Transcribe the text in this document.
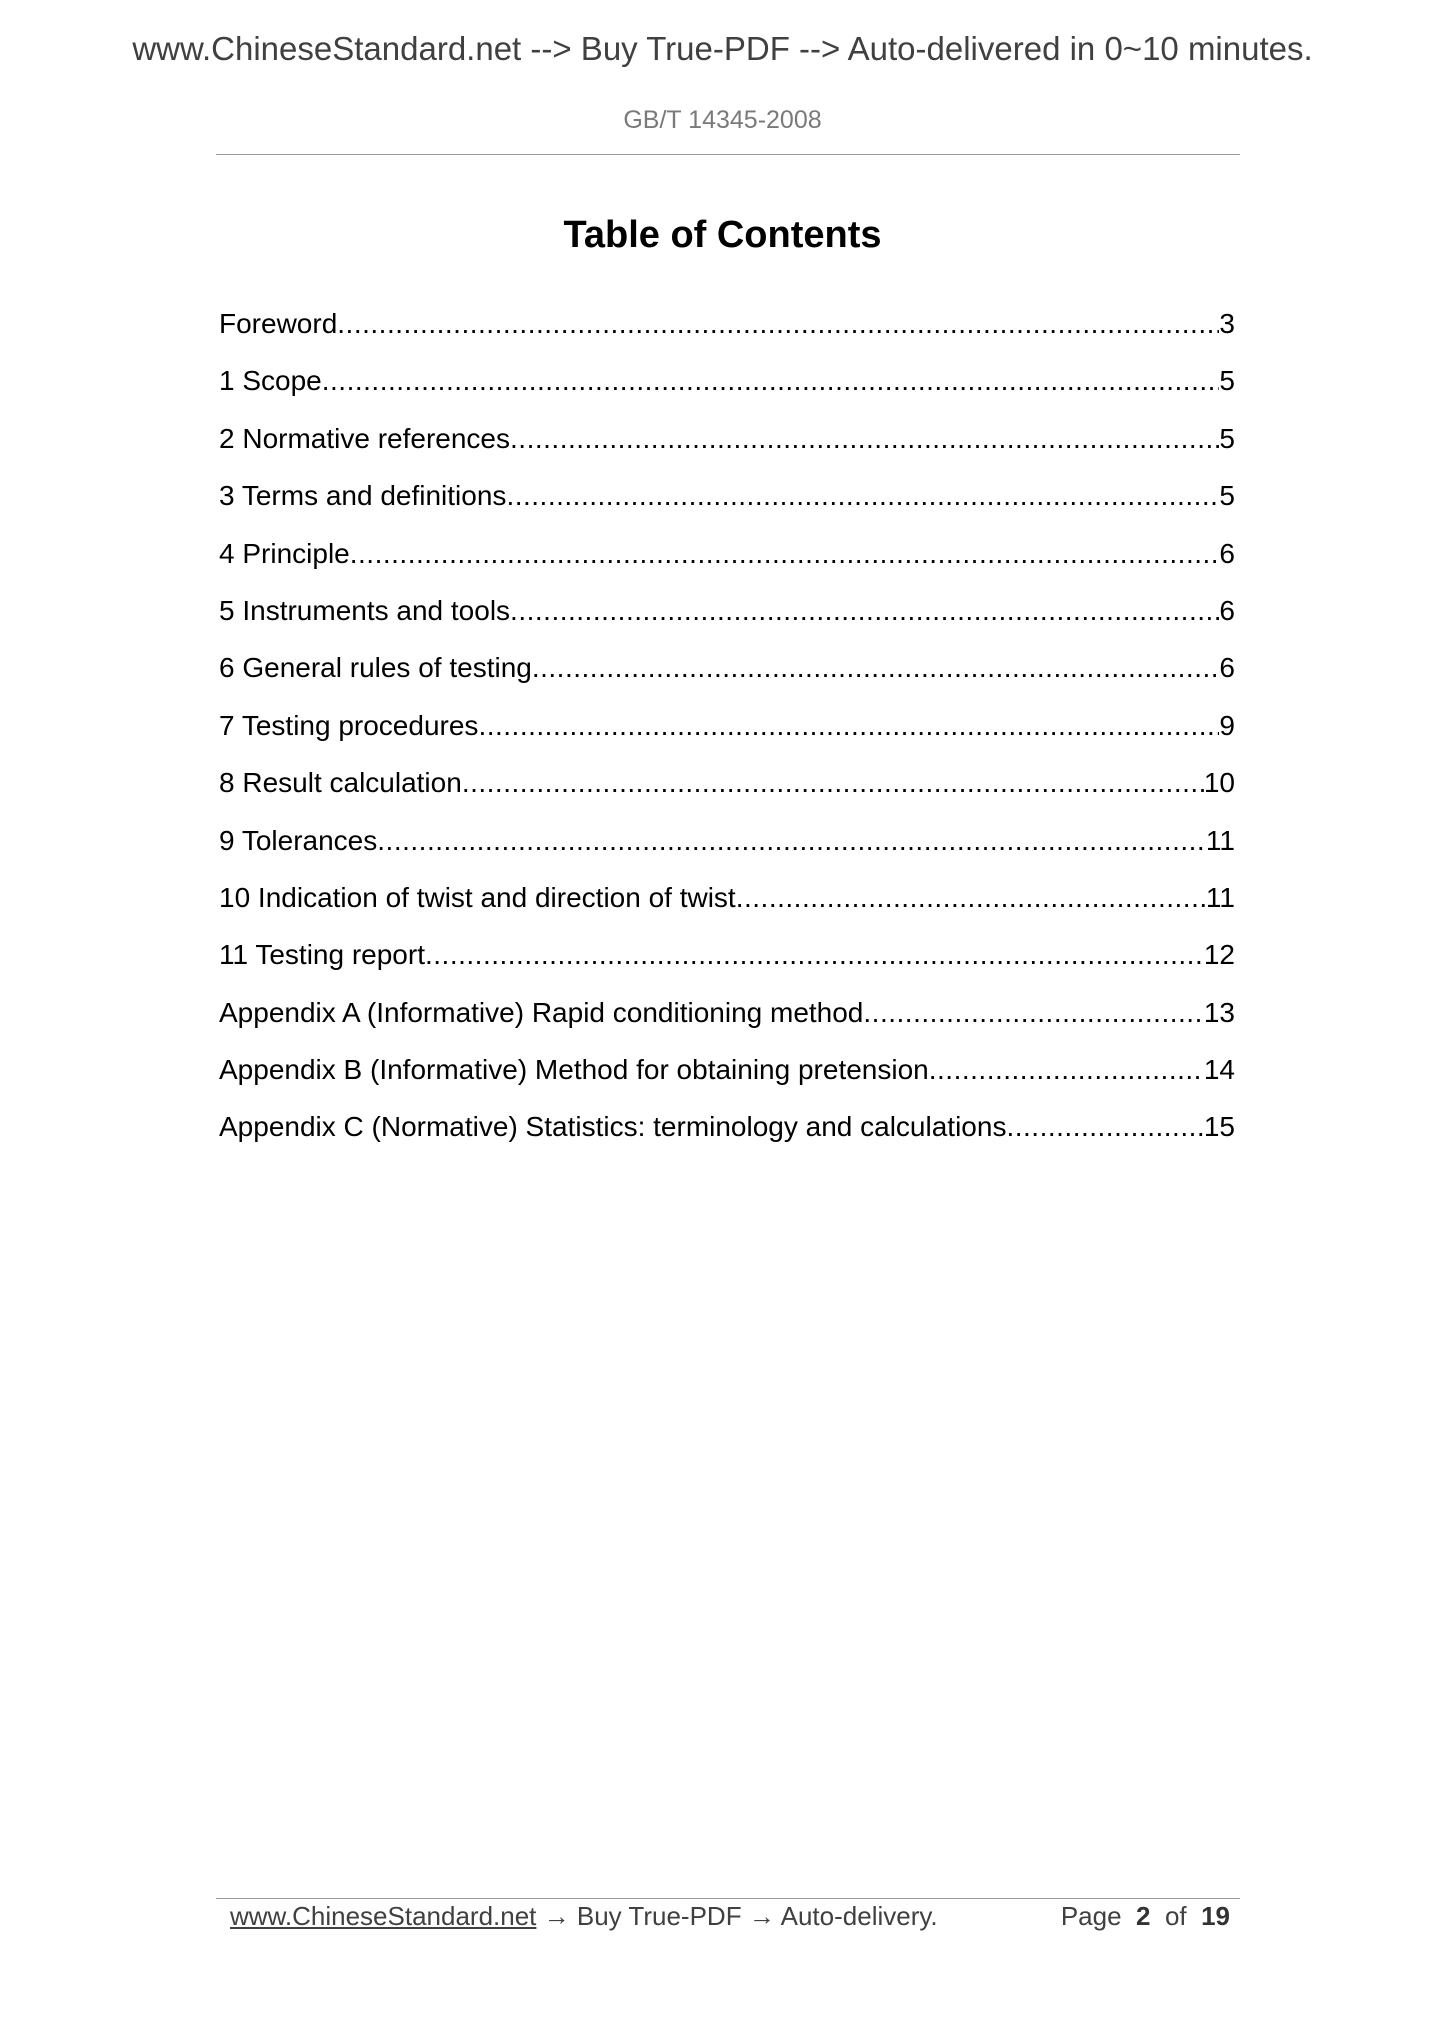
www.ChineseStandard.net --> Buy True-PDF --> Auto-delivered in 0~10 minutes.
GB/T 14345-2008
Table of Contents
Foreword .....	3
1 Scope .....	5
2 Normative references .....	5
3 Terms and definitions .....	5
4 Principle .....	6
5 Instruments and tools .....	6
6 General rules of testing .....	6
7 Testing procedures .....	9
8 Result calculation .....	10
9 Tolerances .....	11
10 Indication of twist and direction of twist .....	11
11 Testing report .....	12
Appendix A (Informative) Rapid conditioning method .....	13
Appendix B (Informative) Method for obtaining pretension .....	14
Appendix C (Normative) Statistics: terminology and calculations .....	15
www.ChineseStandard.net → Buy True-PDF → Auto-delivery.	Page 2 of 19
